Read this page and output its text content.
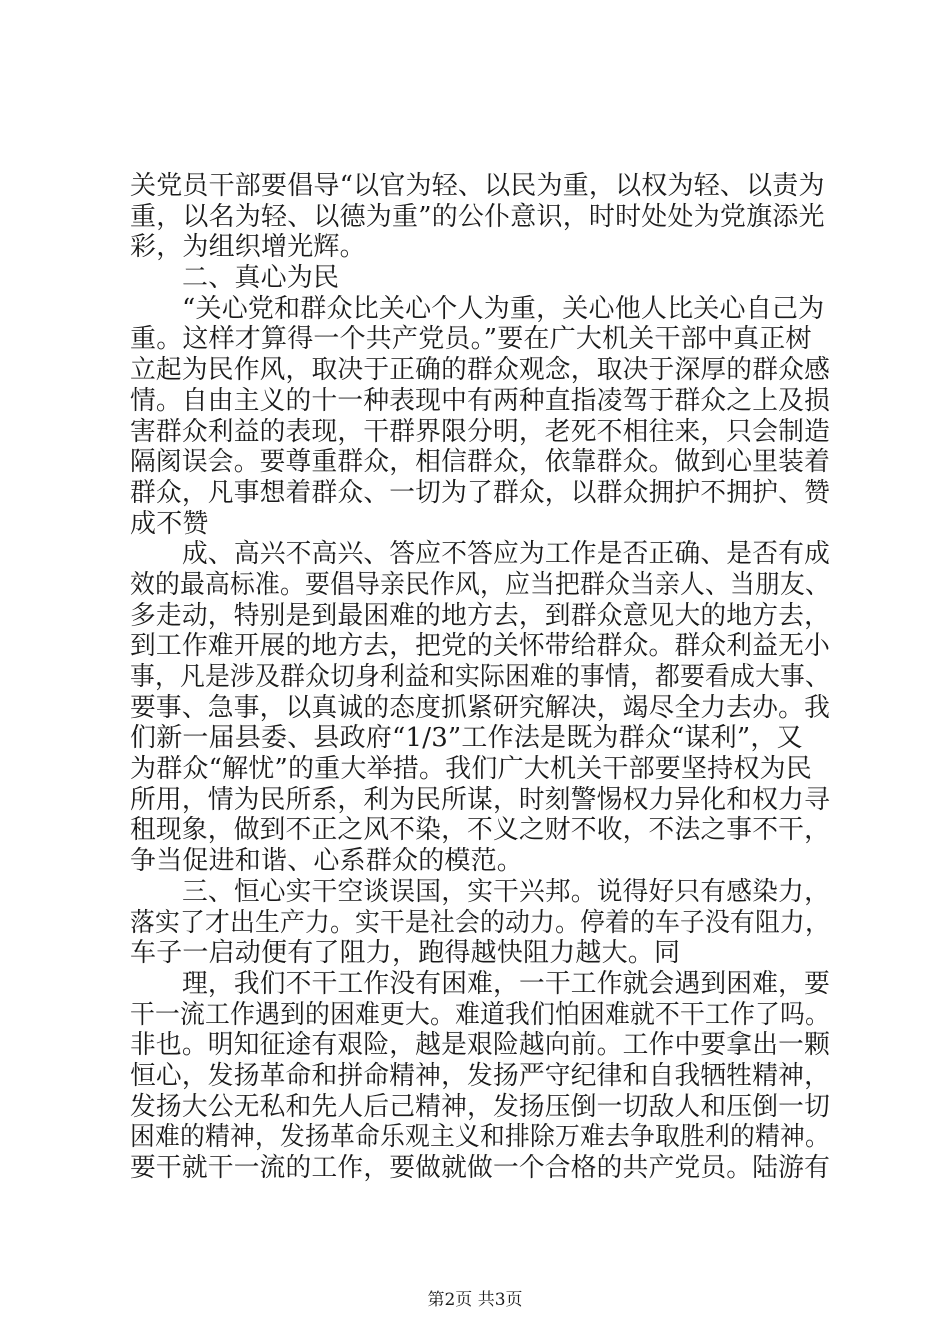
关党员干部要倡导“以官为轻、以民为重，以权为轻、以责为
重，以名为轻、以德为重”的公仆意识，时时处处为党旗添光
彩，为组织增光辉。
二、真心为民
“关心党和群众比关心个人为重，关心他人比关心自己为
重。这样才算得一个共产党员。”要在广大机关干部中真正树
立起为民作风，取决于正确的群众观念，取决于深厚的群众感
情。自由主义的十一种表现中有两种直指凌驾于群众之上及损
害群众利益的表现，干群界限分明，老死不相往来，只会制造
隔阂误会。要尊重群众，相信群众，依靠群众。做到心里装着
群众，凡事想着群众、一切为了群众，以群众拥护不拥护、赞
成不赞
成、高兴不高兴、答应不答应为工作是否正确、是否有成
效的最高标准。要倡导亲民作风，应当把群众当亲人、当朋友、
多走动，特别是到最困难的地方去，到群众意见大的地方去，
到工作难开展的地方去，把党的关怀带给群众。群众利益无小
事，凡是涉及群众切身利益和实际困难的事情，都要看成大事、
要事、急事，以真诚的态度抓紧研究解决，竭尽全力去办。我
们新一届县委、县政府“1/3”工作法是既为群众“谋利”，又
为群众“解忧”的重大举措。我们广大机关干部要坚持权为民
所用，情为民所系，利为民所谋，时刻警惕权力异化和权力寻
租现象，做到不正之风不染，不义之财不收，不法之事不干，
争当促进和谐、心系群众的模范。
三、恒心实干空谈误国，实干兴邦。说得好只有感染力，
落实了才出生产力。实干是社会的动力。停着的车子没有阻力，
车子一启动便有了阻力，跑得越快阻力越大。同
理，我们不干工作没有困难，一干工作就会遇到困难，要
干一流工作遇到的困难更大。难道我们怕困难就不干工作了吗。
非也。明知征途有艰险，越是艰险越向前。工作中要拿出一颗
恒心，发扬革命和拼命精神，发扬严守纪律和自我牺牲精神，
发扬大公无私和先人后己精神，发扬压倒一切敌人和压倒一切
困难的精神，发扬革命乐观主义和排除万难去争取胜利的精神。
要干就干一流的工作，要做就做一个合格的共产党员。陆游有
第2页 共3页
